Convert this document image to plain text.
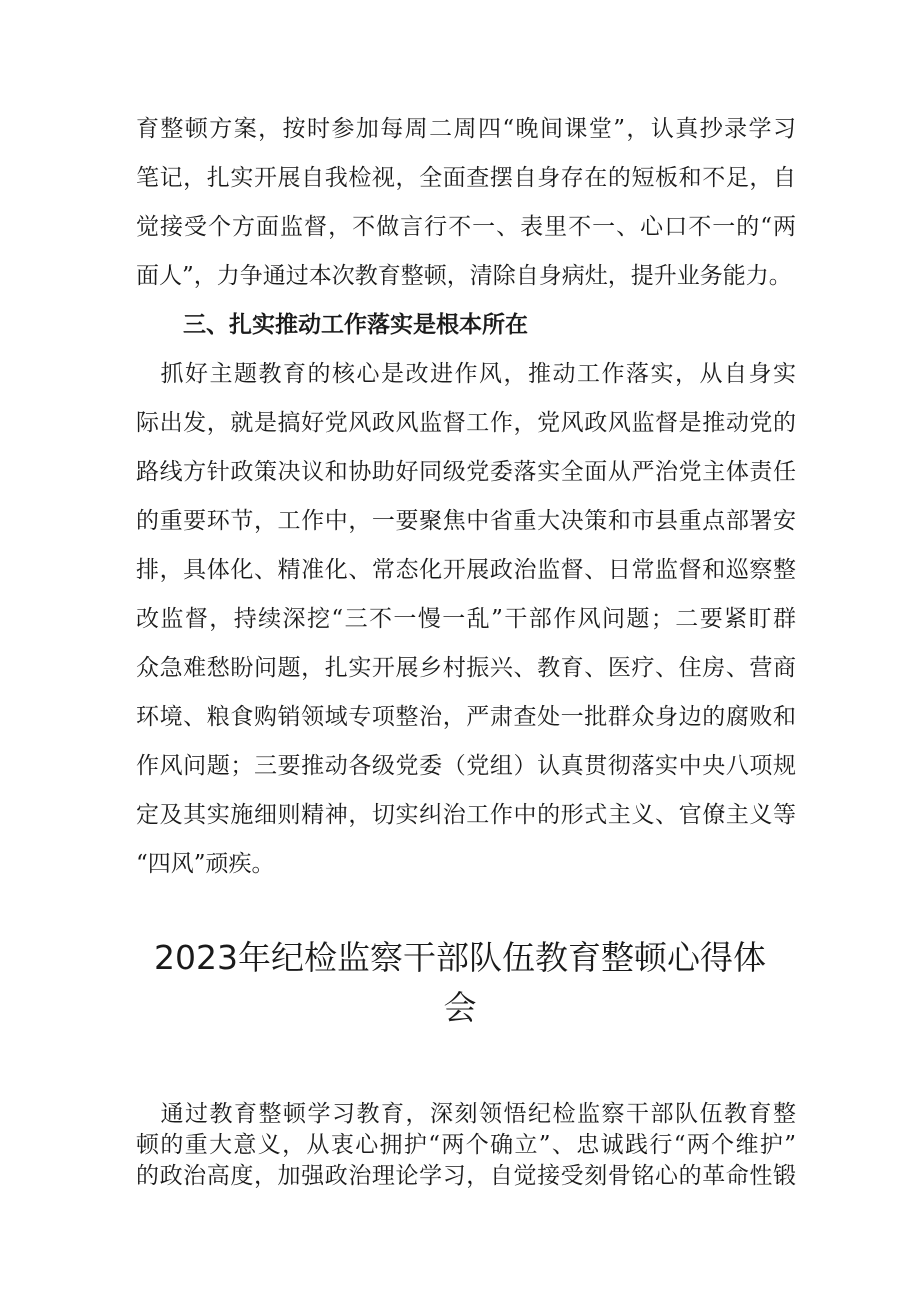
育整顿方案，按时参加每周二周四“晚间课堂”，认真抄录学习
笔记，扎实开展自我检视，全面查摆自身存在的短板和不足，自
觉接受个方面监督，不做言行不一、表里不一、心口不一的“两
面人”，力争通过本次教育整顿，清除自身病灶，提升业务能力。
三、扎实推动工作落实是根本所在
　抓好主题教育的核心是改进作风，推动工作落实，从自身实
际出发，就是搞好党风政风监督工作，党风政风监督是推动党的
路线方针政策决议和协助好同级党委落实全面从严治党主体责任
的重要环节，工作中，一要聚焦中省重大决策和市县重点部署安
排，具体化、精准化、常态化开展政治监督、日常监督和巡察整
改监督，持续深挖“三不一慢一乱”干部作风问题；二要紧盯群
众急难愁盼问题，扎实开展乡村振兴、教育、医疗、住房、营商
环境、粮食购销领域专项整治，严肃查处一批群众身边的腐败和
作风问题；三要推动各级党委（党组）认真贯彻落实中央八项规
定及其实施细则精神，切实纠治工作中的形式主义、官僚主义等
“四风”顽疾。
2023年纪检监察干部队伍教育整顿心得体
会
　通过教育整顿学习教育，深刻领悟纪检监察干部队伍教育整
顿的重大意义，从衷心拥护“两个确立”、忠诚践行“两个维护”
的政治高度，加强政治理论学习，自觉接受刻骨铭心的革命性锻
